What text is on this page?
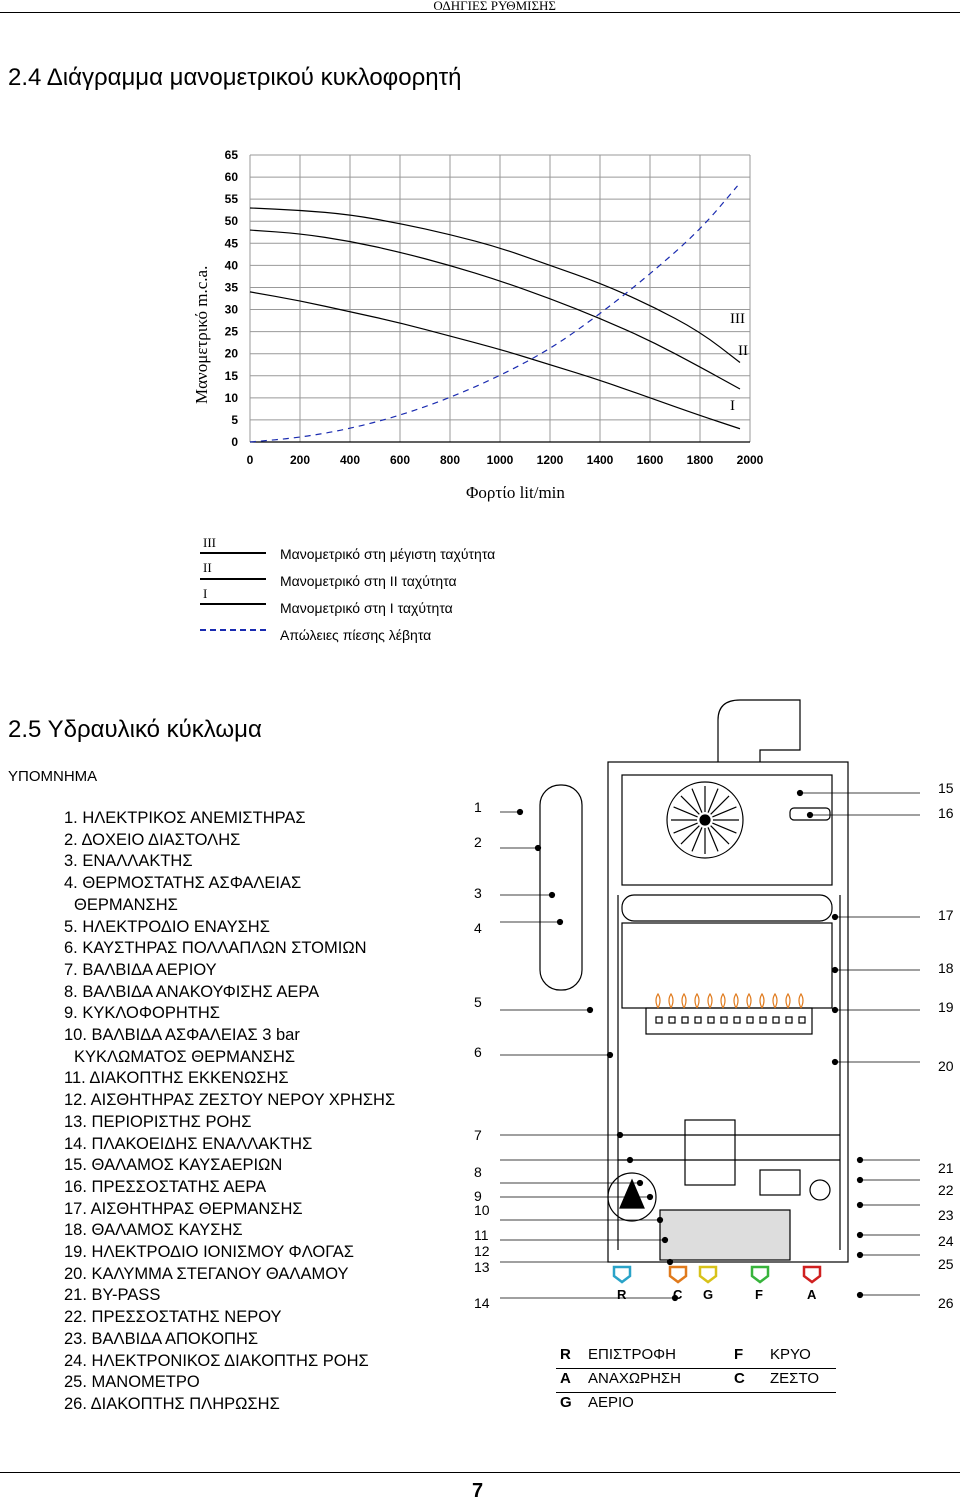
ΟΔΗΓΙΕΣ ΡΥΘΜΙΣΗΣ
2.4 Διάγραμμα μανομετρικού κυκλοφορητή
Μανομετρικό m.c.a.
0	200 400 600 800 1000 1200 1400 1600 1800 2000
0
5
10
15
20
25
30
35
40
45
50
55
60
65
III
II
I
Φορτίο lit/min
III
II
I
Μανομετρικό στη μέγιστη ταχύτητα
Μανομετρικό στη II ταχύτητα
Μανομετρικό στη I ταχύτητα
Απώλειες πίεσης λέβητα
2.5 Υδραυλικό κύκλωμα
ΥΠΟΜΝΗΜΑ
1. ΗΛΕΚΤΡΙΚΟΣ ΑΝΕΜΙΣΤΗΡΑΣ
2. ΔΟΧΕΙΟ ΔΙΑΣΤΟΛΗΣ
3. ΕΝΑΛΛΑΚΤΗΣ
4. ΘΕΡΜΟΣΤΑΤΗΣ ΑΣΦΑΛΕΙΑΣ
ΘΕΡΜΑΝΣΗΣ
5. ΗΛΕΚΤΡΟΔΙΟ ΕΝΑΥΣΗΣ
6. ΚΑΥΣΤΗΡΑΣ ΠΟΛΛΑΠΛΩΝ ΣΤΟΜΙΩΝ
7. ΒΑΛΒΙΔΑ ΑΕΡΙΟΥ
8. ΒΑΛΒΙΔΑ ΑΝΑΚΟΥΦΙΣΗΣ ΑΕΡΑ
9. ΚΥΚΛΟΦΟΡΗΤΗΣ
10. ΒΑΛΒΙΔΑ ΑΣΦΑΛΕΙΑΣ 3 bar
ΚΥΚΛΩΜΑΤΟΣ ΘΕΡΜΑΝΣΗΣ
11. ΔΙΑΚΟΠΤΗΣ ΕΚΚΕΝΩΣΗΣ
12. ΑΙΣΘΗΤΗΡΑΣ ΖΕΣΤΟΥ ΝΕΡΟΥ ΧΡΗΣΗΣ
13. ΠΕΡΙΟΡΙΣΤΗΣ ΡΟΗΣ
14. ΠΛΑΚΟΕΙΔΗΣ ΕΝΑΛΛΑΚΤΗΣ
15. ΘΑΛΑΜΟΣ ΚΑΥΣΑΕΡΙΩΝ
16. ΠΡΕΣΣΟΣΤΑΤΗΣ ΑΕΡΑ
17. ΑΙΣΘΗΤΗΡΑΣ ΘΕΡΜΑΝΣΗΣ
18. ΘΑΛΑΜΟΣ ΚΑΥΣΗΣ
19. ΗΛΕΚΤΡΟΔΙΟ ΙΟΝΙΣΜΟΥ ΦΛΟΓΑΣ
20. ΚΑΛΥΜΜΑ ΣΤΕΓΑΝΟΥ ΘΑΛΑΜΟΥ
21. BY-PASS
22. ΠΡΕΣΣΟΣΤΑΤΗΣ ΝΕΡΟΥ
23. ΒΑΛΒΙΔΑ ΑΠΟΚΟΠΗΣ
24. ΗΛΕΚΤΡΟΝΙΚΟΣ ΔΙΑΚΟΠΤΗΣ ΡΟΗΣ
25. ΜΑΝΟΜΕΤΡΟ
26. ΔΙΑΚΟΠΤΗΣ ΠΛΗΡΩΣΗΣ
1
2
3
4
5
6
7
8
9
10
11
12
13
14
15
16
17
18
19
20
21
22
23
24
25
26
R	C G	F	A
R ΕΠΙΣΤΡΟΦΗ	F ΚΡΥΟ
A ΑΝΑΧΩΡΗΣΗ	C ΖΕΣΤΟ
G ΑΕΡΙΟ
7
